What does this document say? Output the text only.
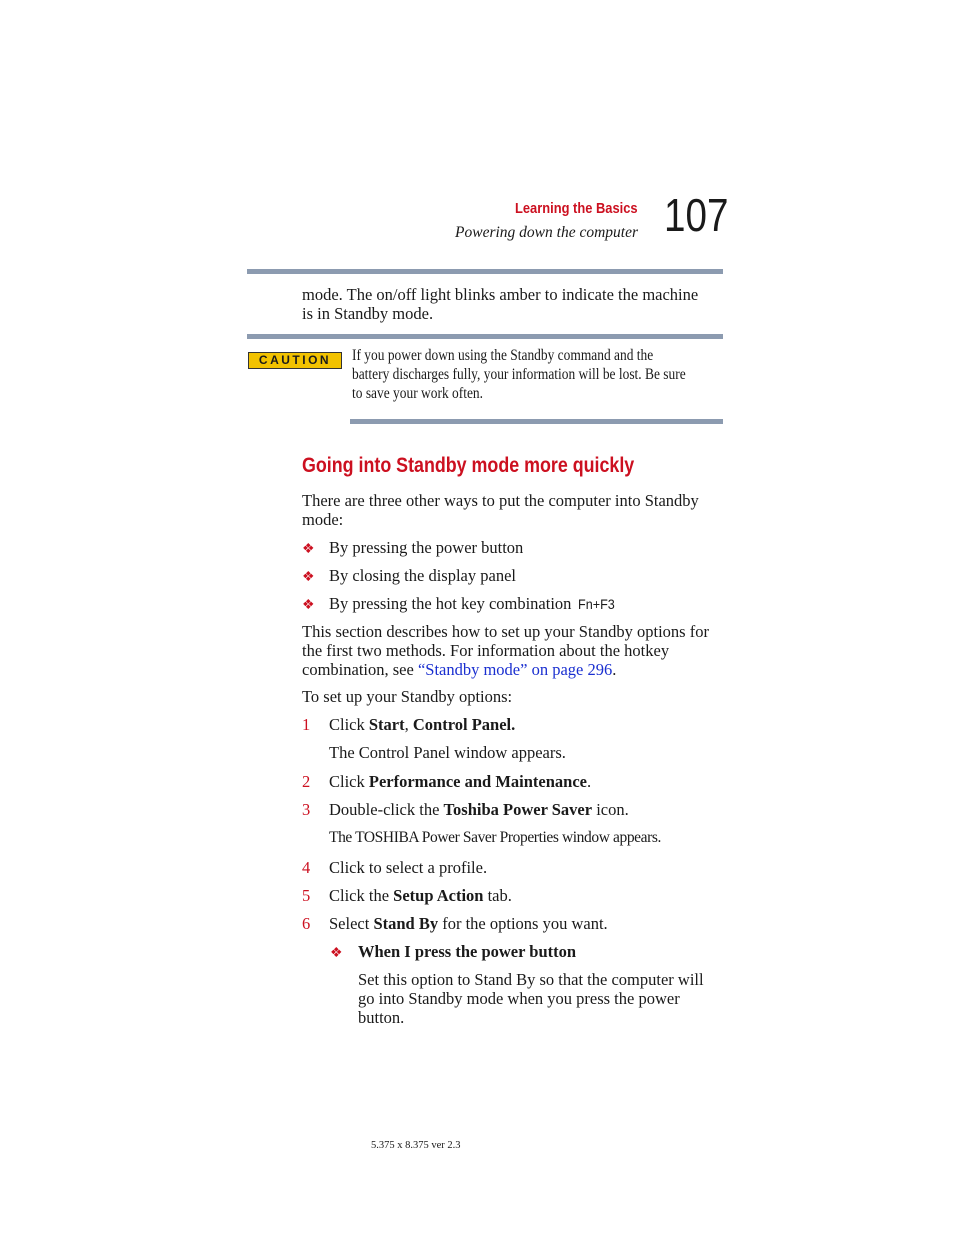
Learning the Basics
Powering down the computer 107
mode. The on/off light blinks amber to indicate the machine
is in Standby mode.
CAUTION	If you power down using the Standby command and the
battery discharges fully, your information will be lost. Be sure
to save your work often.
Going into Standby mode more quickly
There are three other ways to put the computer into Standby
mode:
❖ By pressing the power button
❖ By closing the display panel
❖ By pressing the hot key combination Fn+F3
This section describes how to set up your Standby options for
the first two methods. For information about the hotkey
combination, see “Standby mode” on page 296.
To set up your Standby options:
1 Click Start, Control Panel.
The Control Panel window appears.
2 Click Performance and Maintenance.
3 Double-click the Toshiba Power Saver icon.
The TOSHIBA Power Saver Properties window appears.
4 Click to select a profile.
5 Click the Setup Action tab.
6 Select Stand By for the options you want.
❖ When I press the power button
Set this option to Stand By so that the computer will
go into Standby mode when you press the power
button.
5.375 x 8.375 ver 2.3
